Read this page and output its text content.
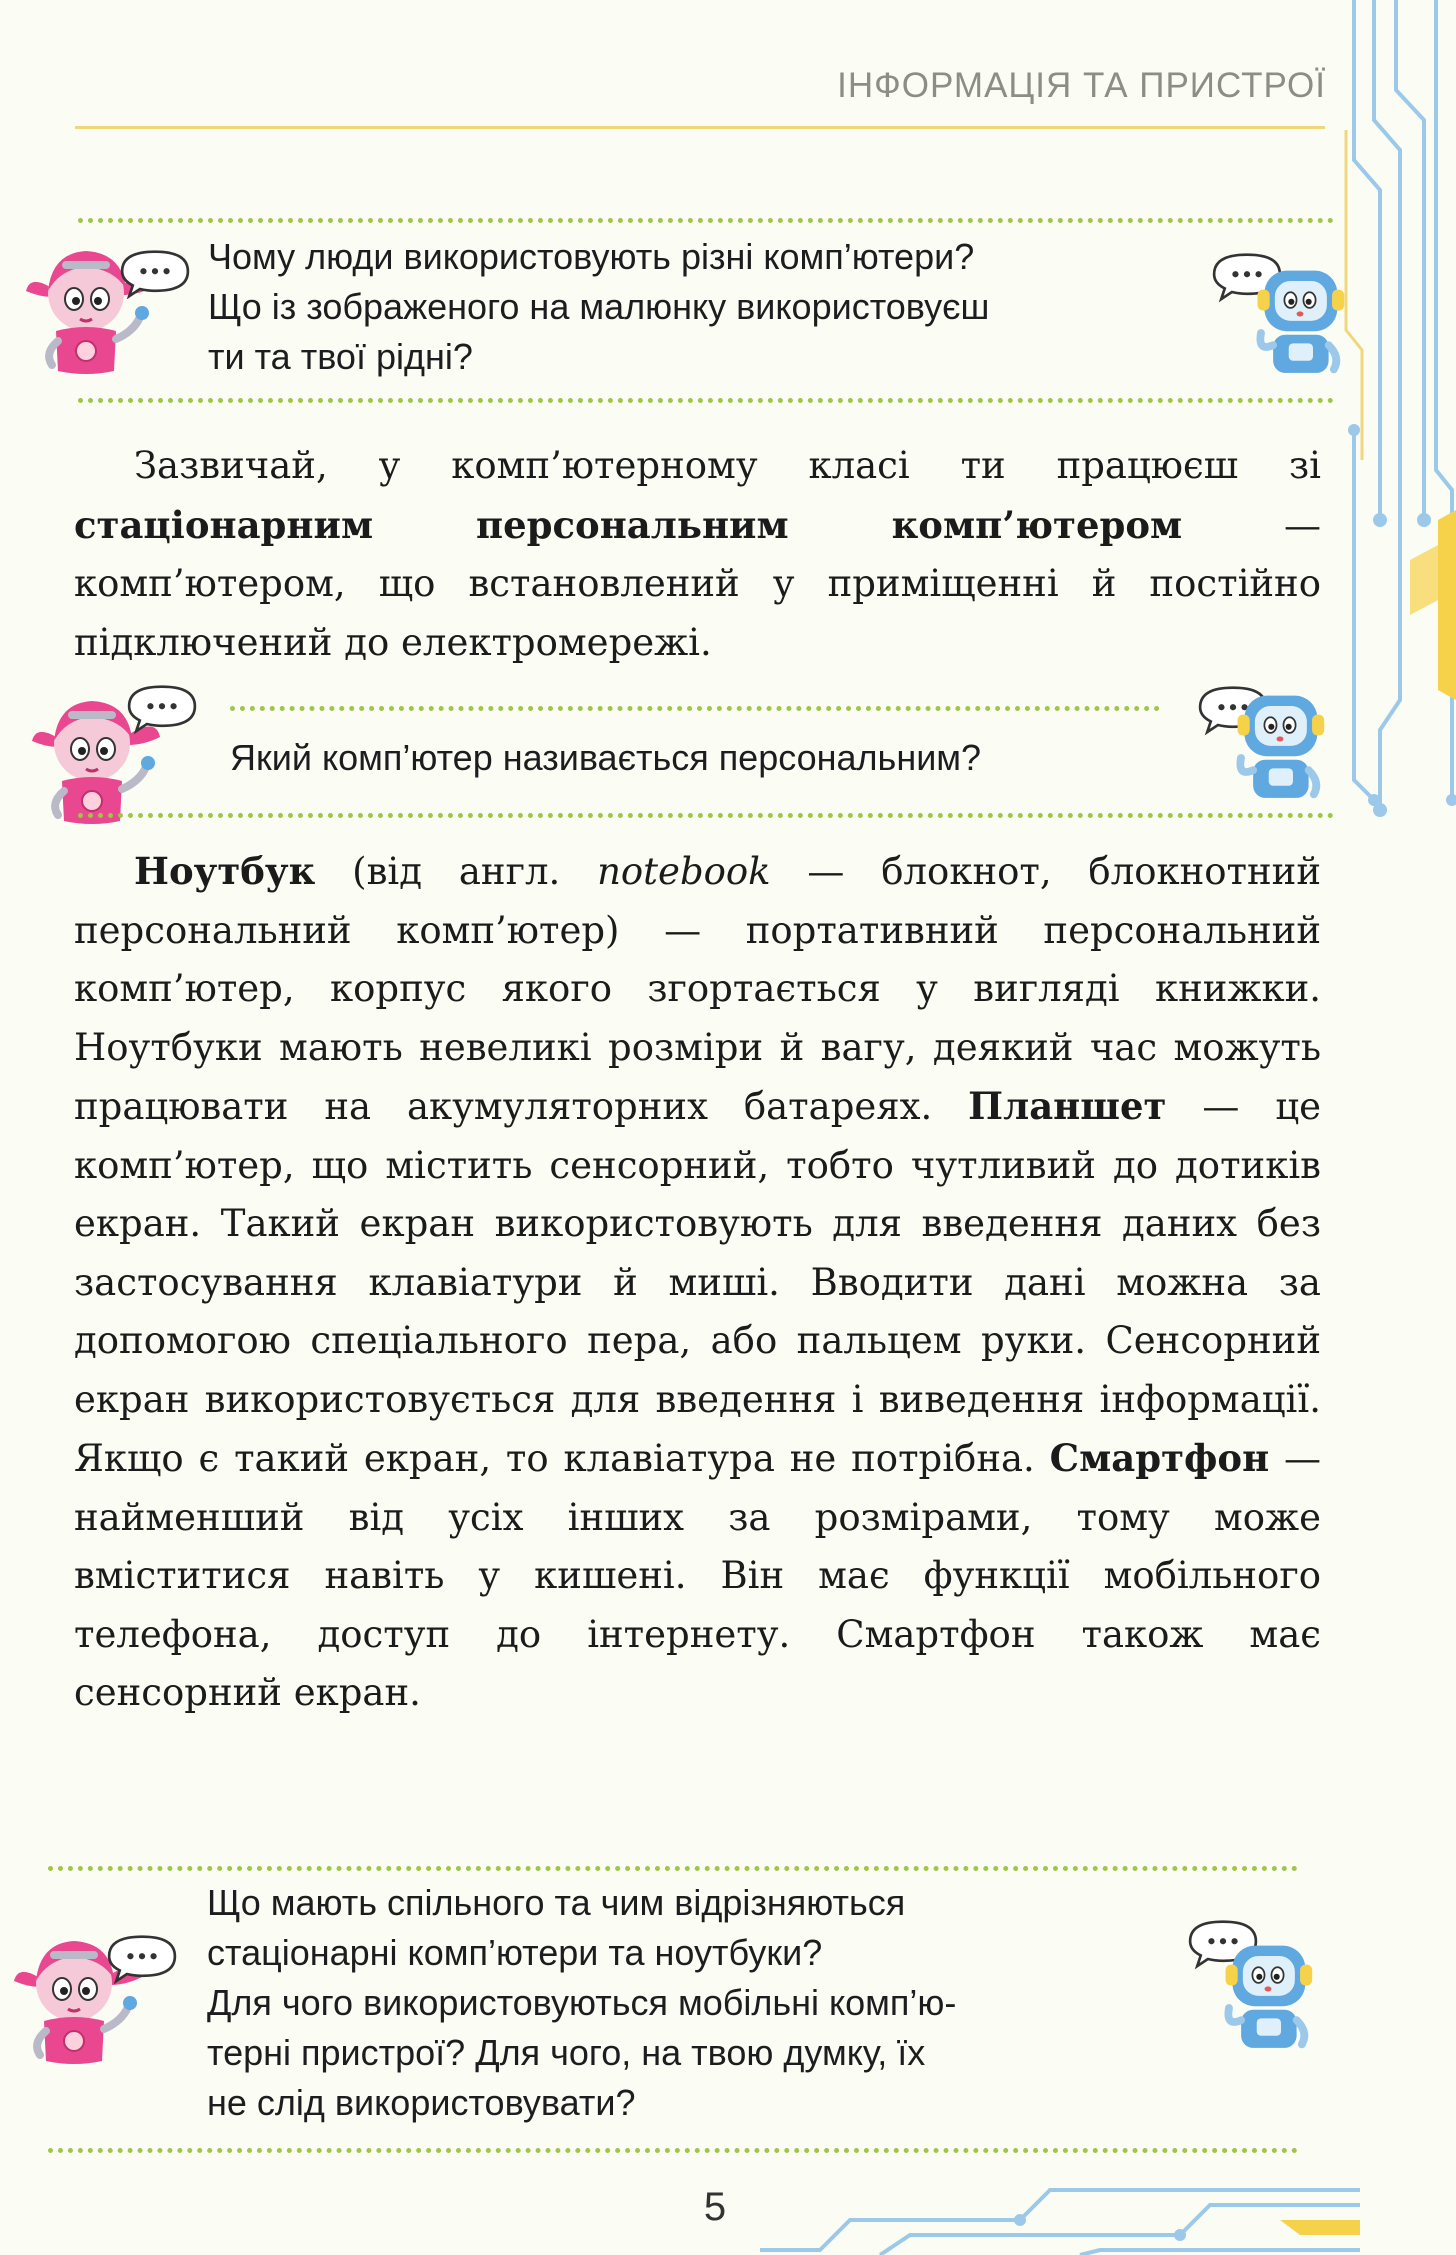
ІНФОРМАЦІЯ ТА ПРИСТРОЇ
Чому люди використовують різні комп’ютери?
Що із зображеного на малюнку використовуєш
ти та твої рідні?
Зазвичай, у комп’ютерному класі ти працюєш зі стаціонарним персональним комп’ютером — комп’ютером, що встановлений у приміщенні й постійно підключений до електромережі.
Який комп’ютер називається персональним?
Ноутбук (від англ. notebook — блокнот, блокнотний персональний комп’ютер) — портативний персональний комп’ютер, корпус якого згортається у вигляді книжки. Ноутбуки мають невеликі розміри й вагу, деякий час можуть працювати на акумуляторних батареях. Планшет — це комп’ютер, що містить сенсорний, тобто чутливий до дотиків екран. Такий екран використовують для введення даних без застосування клавіатури й миші. Вводити дані можна за допомогою спеціального пера, або пальцем руки. Сенсорний екран використовується для введення і виведення інформації. Якщо є такий екран, то клавіатура не потрібна. Смартфон — найменший від усіх інших за розмірами, тому може вміститися навіть у кишені. Він має функції мобільного телефона, доступ до інтернету. Смартфон також має сенсорний екран.
Що мають спільного та чим відрізняються
стаціонарні комп’ютери та ноутбуки?
Для чого використовуються мобільні комп’ю-
терні пристрої? Для чого, на твою думку, їх
не слід використовувати?
5
